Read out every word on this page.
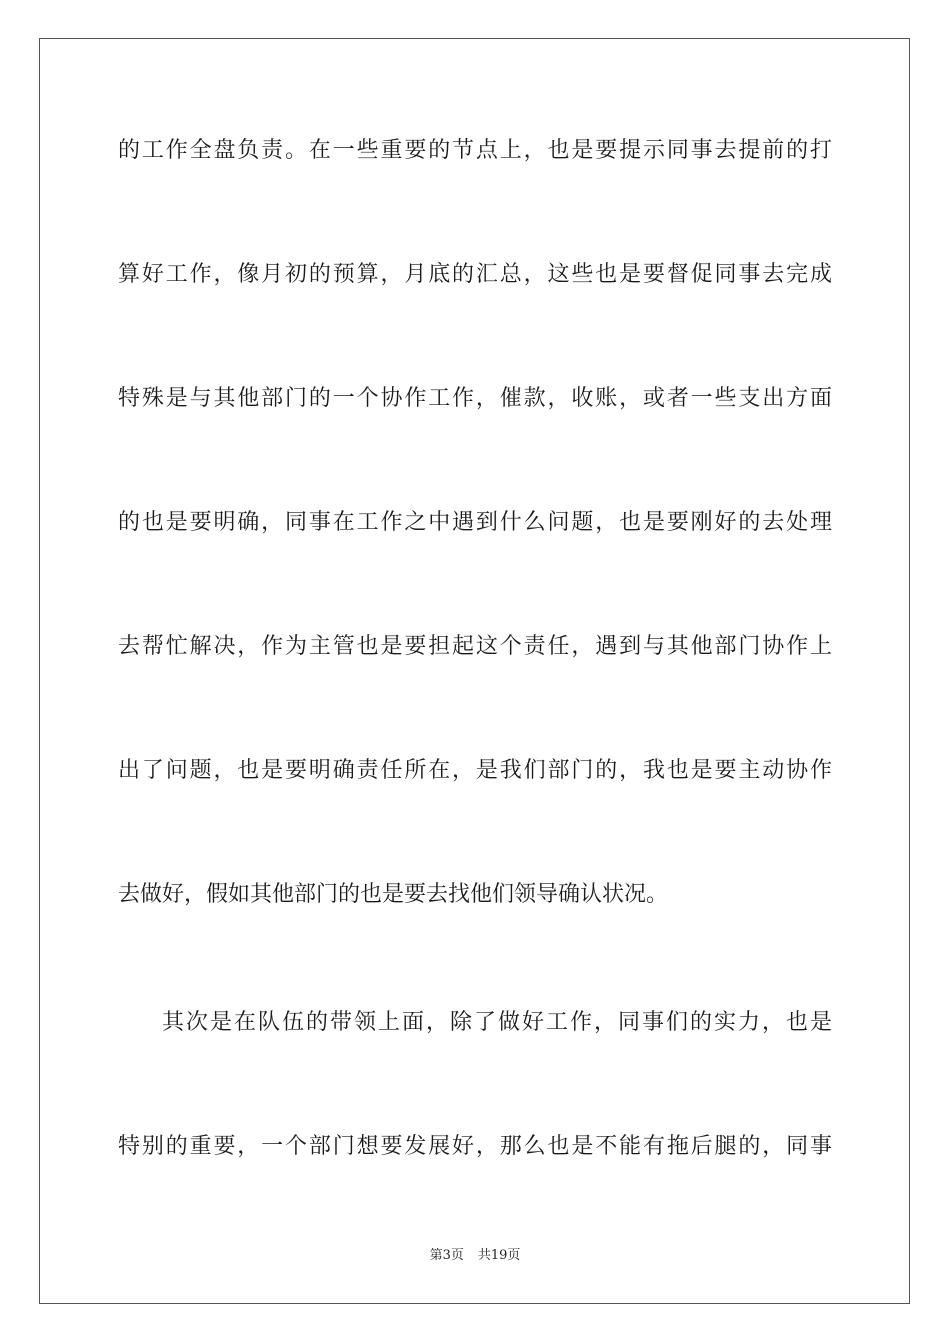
的工作全盘负责。在一些重要的节点上，也是要提示同事去提前的打
算好工作，像月初的预算，月底的汇总，这些也是要督促同事去完成
特殊是与其他部门的一个协作工作，催款，收账，或者一些支出方面
的也是要明确，同事在工作之中遇到什么问题，也是要刚好的去处理
去帮忙解决，作为主管也是要担起这个责任，遇到与其他部门协作上
出了问题，也是要明确责任所在，是我们部门的，我也是要主动协作
去做好，假如其他部门的也是要去找他们领导确认状况。
其次是在队伍的带领上面，除了做好工作，同事们的实力，也是
特别的重要，一个部门想要发展好，那么也是不能有拖后腿的，同事
第3页 共19页
